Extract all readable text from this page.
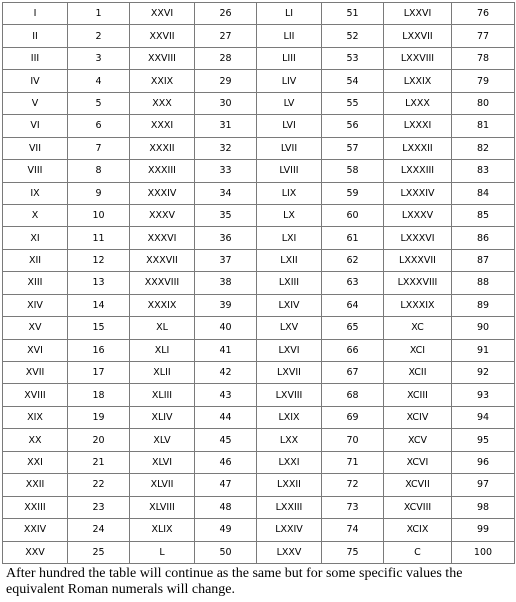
I	1	XXVI	26	LI	51	LXXVI	76
II	2	XXVII	27	LII	52	LXXVII	77
III	3	XXVIII	28	LIII	53	LXXVIII	78
IV	4	XXIX	29	LIV	54	LXXIX	79
V	5	XXX	30	LV	55	LXXX	80
VI	6	XXXI	31	LVI	56	LXXXI	81
VII	7	XXXII	32	LVII	57	LXXXII	82
VIII	8	XXXIII	33	LVIII	58	LXXXIII	83
IX	9	XXXIV	34	LIX	59	LXXXIV	84
X	10	XXXV	35	LX	60	LXXXV	85
XI	11	XXXVI	36	LXI	61	LXXXVI	86
XII	12	XXXVII	37	LXII	62	LXXXVII	87
XIII	13	XXXVIII	38	LXIII	63	LXXXVIII	88
XIV	14	XXXIX	39	LXIV	64	LXXXIX	89
XV	15	XL	40	LXV	65	XC	90
XVI	16	XLI	41	LXVI	66	XCI	91
XVII	17	XLII	42	LXVII	67	XCII	92
XVIII	18	XLIII	43	LXVIII	68	XCIII	93
XIX	19	XLIV	44	LXIX	69	XCIV	94
XX	20	XLV	45	LXX	70	XCV	95
XXI	21	XLVI	46	LXXI	71	XCVI	96
XXII	22	XLVII	47	LXXII	72	XCVII	97
XXIII	23	XLVIII	48	LXXIII	73	XCVIII	98
XXIV	24	XLIX	49	LXXIV	74	XCIX	99
XXV	25	L	50	LXXV	75	C	100

After hundred the table will continue as the same but for some specific values the equivalent Roman numerals will change.
